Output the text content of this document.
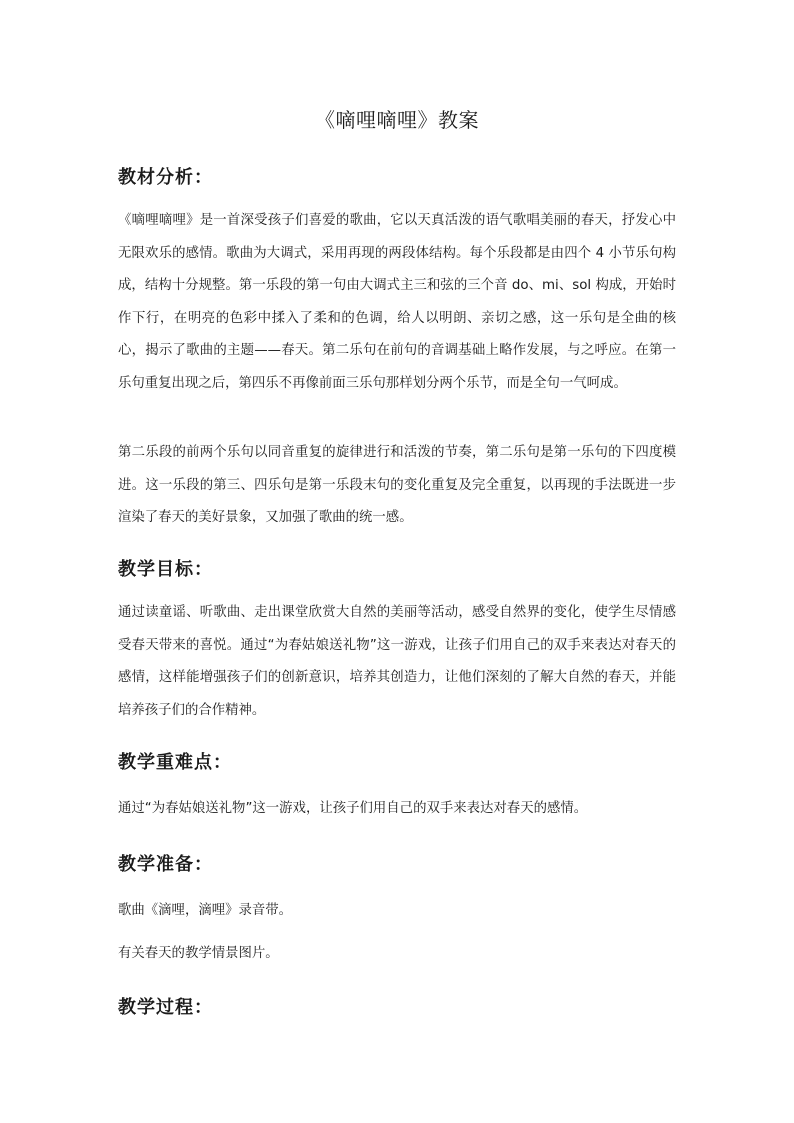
《嘀哩嘀哩》教案
教材分析：

《嘀哩嘀哩》是一首深受孩子们喜爱的歌曲，它以天真活泼的语气歌唱美丽的春天，抒发心中无限欢乐的感情。歌曲为大调式，采用再现的两段体结构。每个乐段都是由四个 4 小节乐句构成，结构十分规整。第一乐段的第一句由大调式主三和弦的三个音 do、mi、sol 构成，开始时作下行，在明亮的色彩中揉入了柔和的色调，给人以明朗、亲切之感，这一乐句是全曲的核心，揭示了歌曲的主题——春天。第二乐句在前句的音调基础上略作发展，与之呼应。在第一乐句重复出现之后，第四乐不再像前面三乐句那样划分两个乐节，而是全句一气呵成。

第二乐段的前两个乐句以同音重复的旋律进行和活泼的节奏，第二乐句是第一乐句的下四度模进。这一乐段的第三、四乐句是第一乐段末句的变化重复及完全重复，以再现的手法既进一步渲染了春天的美好景象，又加强了歌曲的统一感。

教学目标：

通过读童谣、听歌曲、走出课堂欣赏大自然的美丽等活动，感受自然界的变化，使学生尽情感受春天带来的喜悦。通过“为春姑娘送礼物”这一游戏，让孩子们用自己的双手来表达对春天的感情，这样能增强孩子们的创新意识，培养其创造力，让他们深刻的了解大自然的春天，并能培养孩子们的合作精神。

教学重难点：

通过“为春姑娘送礼物”这一游戏，让孩子们用自己的双手来表达对春天的感情。

教学准备：

歌曲《滴哩，滴哩》录音带。

有关春天的教学情景图片。

教学过程：
